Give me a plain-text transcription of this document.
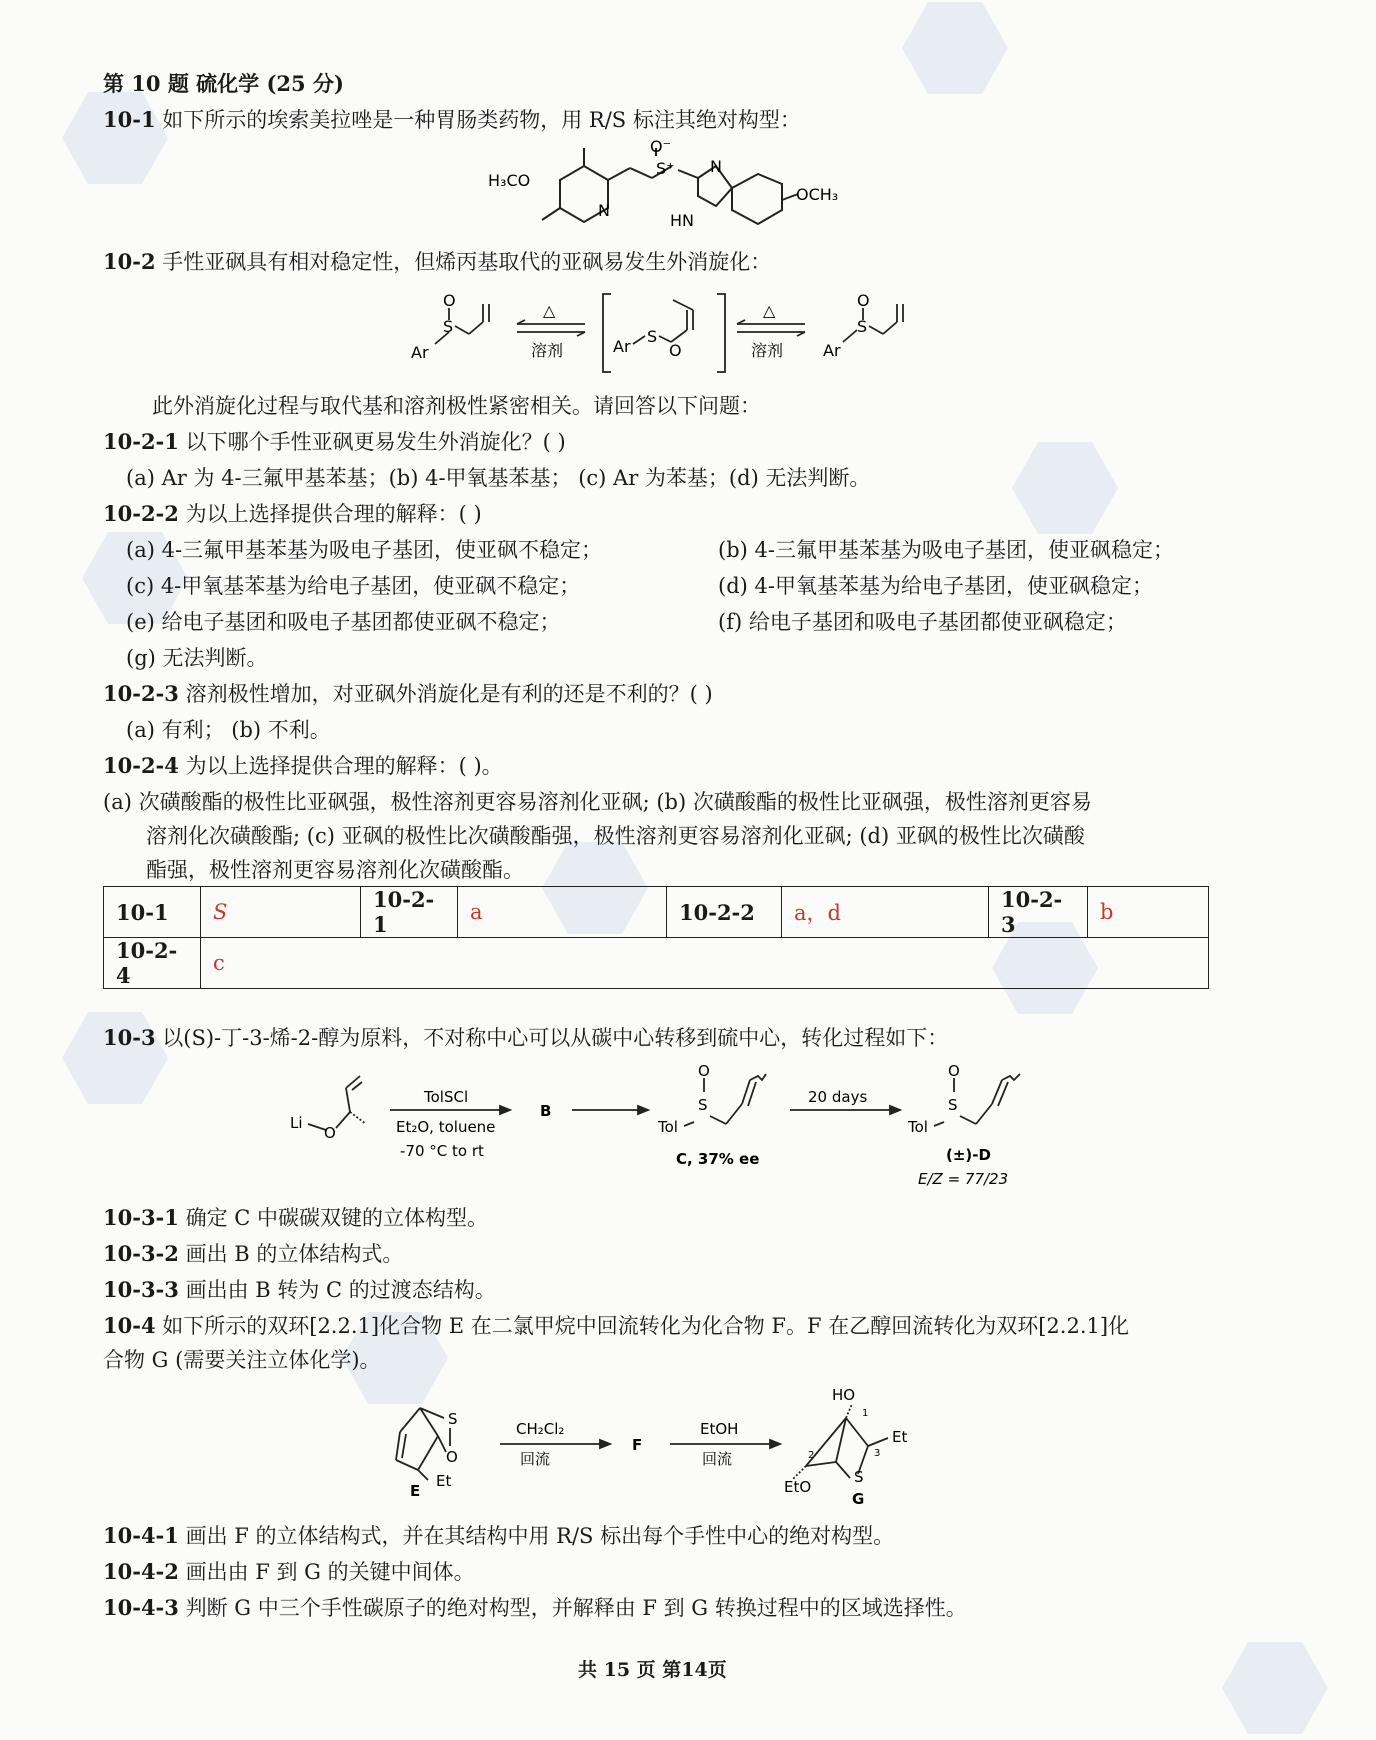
第 10 题 硫化学 (25 分)
10-1 如下所示的埃索美拉唑是一种胃肠类药物，用 R/S 标注其绝对构型：
H₃CO
OCH₃
N
HN
N
O⁻
S⁺
10-2 手性亚砜具有相对稳定性，但烯丙基取代的亚砜易发生外消旋化：
O
S
Ar
△
溶剂	Ar
S
O
△
溶剂
O
S
Ar
此外消旋化过程与取代基和溶剂极性紧密相关。请回答以下问题：
10-2-1 以下哪个手性亚砜更易发生外消旋化？( )
(a) Ar 为 4-三氟甲基苯基；(b) 4-甲氧基苯基； (c) Ar 为苯基；(d) 无法判断。
10-2-2 为以上选择提供合理的解释：( )
(a) 4-三氟甲基苯基为吸电子基团，使亚砜不稳定；	(b) 4-三氟甲基苯基为吸电子基团，使亚砜稳定；
(c) 4-甲氧基苯基为给电子基团，使亚砜不稳定；	(d) 4-甲氧基苯基为给电子基团，使亚砜稳定；
(e) 给电子基团和吸电子基团都使亚砜不稳定；	(f) 给电子基团和吸电子基团都使亚砜稳定；
(g) 无法判断。
10-2-3 溶剂极性增加，对亚砜外消旋化是有利的还是不利的？( )
(a) 有利； (b) 不利。
10-2-4 为以上选择提供合理的解释：( )。
(a) 次磺酸酯的极性比亚砜强，极性溶剂更容易溶剂化亚砜; (b) 次磺酸酯的极性比亚砜强，极性溶剂更容易
溶剂化次磺酸酯; (c) 亚砜的极性比次磺酸酯强，极性溶剂更容易溶剂化亚砜; (d) 亚砜的极性比次磺酸
酯强，极性溶剂更容易溶剂化次磺酸酯。
10-1	S	10-2-1	a	10-2-2	a，d	10-2-3	b
10-2-4	c						
10-3 以(S)-丁-3-烯-2-醇为原料，不对称中心可以从碳中心转移到硫中心，转化过程如下：
Li
O
TolSCl
Et₂O, toluene
-70 °C to rt
B
O
S
Tol
C, 37% ee
20 days
O
S
Tol
(±)-D
E/Z = 77/23
10-3-1 确定 C 中碳碳双键的立体构型。
10-3-2 画出 B 的立体结构式。
10-3-3 画出由 B 转为 C 的过渡态结构。
10-4 如下所示的双环[2.2.1]化合物 E 在二氯甲烷中回流转化为化合物 F。F 在乙醇回流转化为双环[2.2.1]化
合物 G (需要关注立体化学)。
S
O
Et
E
CH₂Cl₂
回流
F
EtOH
回流
HO
Et
EtO
S
G
1
2	3
10-4-1 画出 F 的立体结构式，并在其结构中用 R/S 标出每个手性中心的绝对构型。
10-4-2 画出由 F 到 G 的关键中间体。
10-4-3 判断 G 中三个手性碳原子的绝对构型，并解释由 F 到 G 转换过程中的区域选择性。
共 15 页 第14页
